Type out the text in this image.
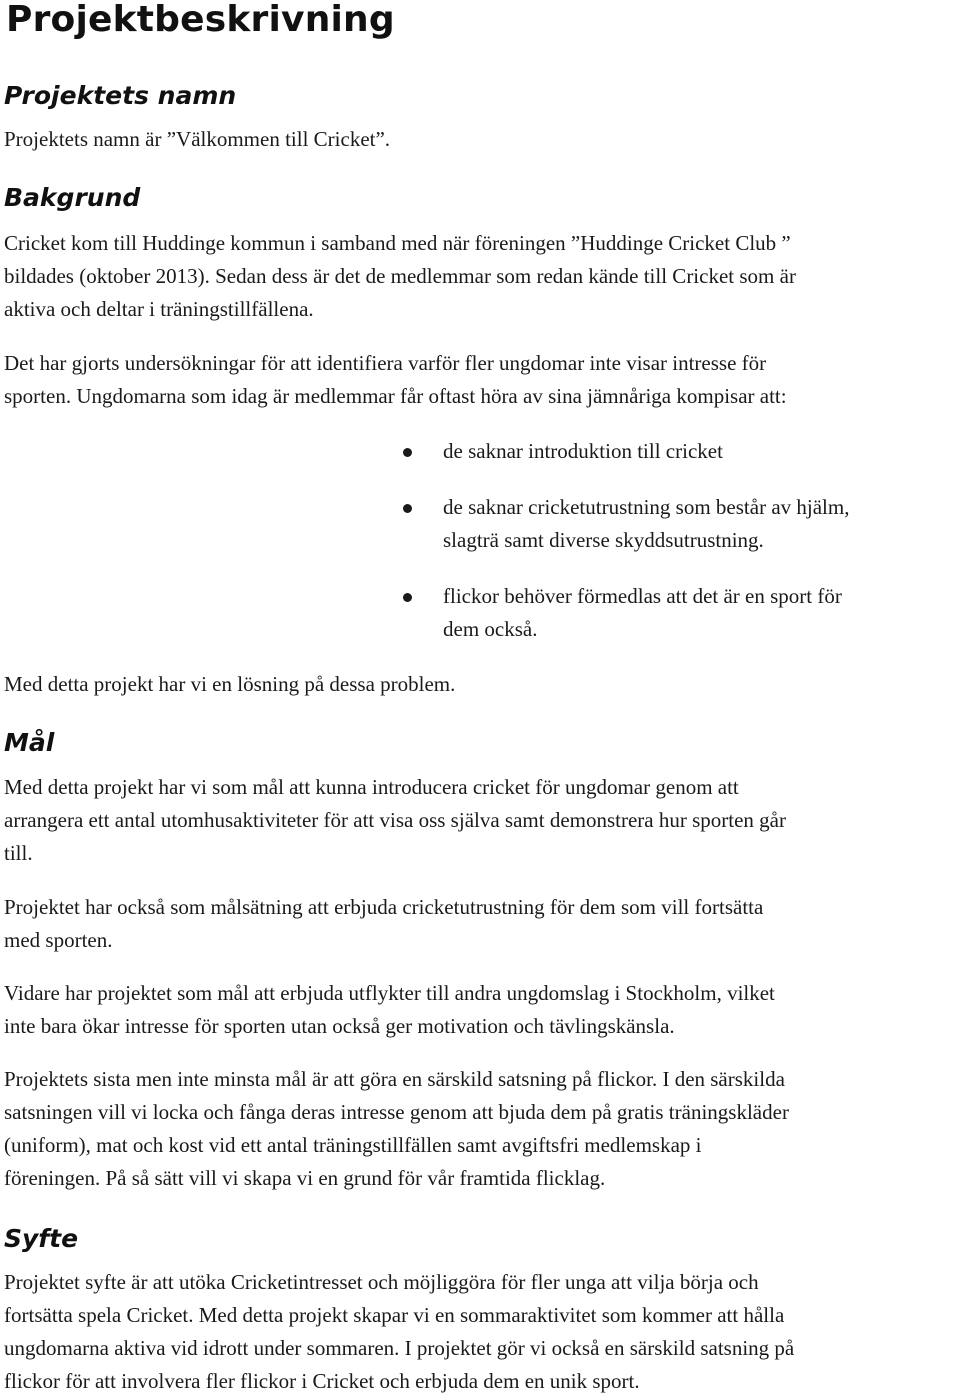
Projektbeskrivning
Projektets namn

Projektets namn är ”Välkommen till Cricket”.

Bakgrund

Cricket kom till Huddinge kommun i samband med när föreningen ”Huddinge Cricket Club ”
bildades (oktober 2013). Sedan dess är det de medlemmar som redan kände till Cricket som är
aktiva och deltar i träningstillfällena.

Det har gjorts undersökningar för att identifiera varför fler ungdomar inte visar intresse för
sporten. Ungdomarna som idag är medlemmar får oftast höra av sina jämnåriga kompisar att:

de saknar introduktion till cricket
de saknar cricketutrustning som består av hjälm,
slagträ samt diverse skyddsutrustning.
flickor behöver förmedlas att det är en sport för
dem också.

Med detta projekt har vi en lösning på dessa problem.

Mål

Med detta projekt har vi som mål att kunna introducera cricket för ungdomar genom att
arrangera ett antal utomhusaktiviteter för att visa oss själva samt demonstrera hur sporten går
till.

Projektet har också som målsätning att erbjuda cricketutrustning för dem som vill fortsätta
med sporten.

Vidare har projektet som mål att erbjuda utflykter till andra ungdomslag i Stockholm, vilket
inte bara ökar intresse för sporten utan också ger motivation och tävlingskänsla.

Projektets sista men inte minsta mål är att göra en särskild satsning på flickor. I den särskilda
satsningen vill vi locka och fånga deras intresse genom att bjuda dem på gratis träningskläder
(uniform), mat och kost vid ett antal träningstillfällen samt avgiftsfri medlemskap i
föreningen. På så sätt vill vi skapa vi en grund för vår framtida flicklag.

Syfte

Projektet syfte är att utöka Cricketintresset och möjliggöra för fler unga att vilja börja och
fortsätta spela Cricket. Med detta projekt skapar vi en sommaraktivitet som kommer att hålla
ungdomarna aktiva vid idrott under sommaren. I projektet gör vi också en särskild satsning på
flickor för att involvera fler flickor i Cricket och erbjuda dem en unik sport.
